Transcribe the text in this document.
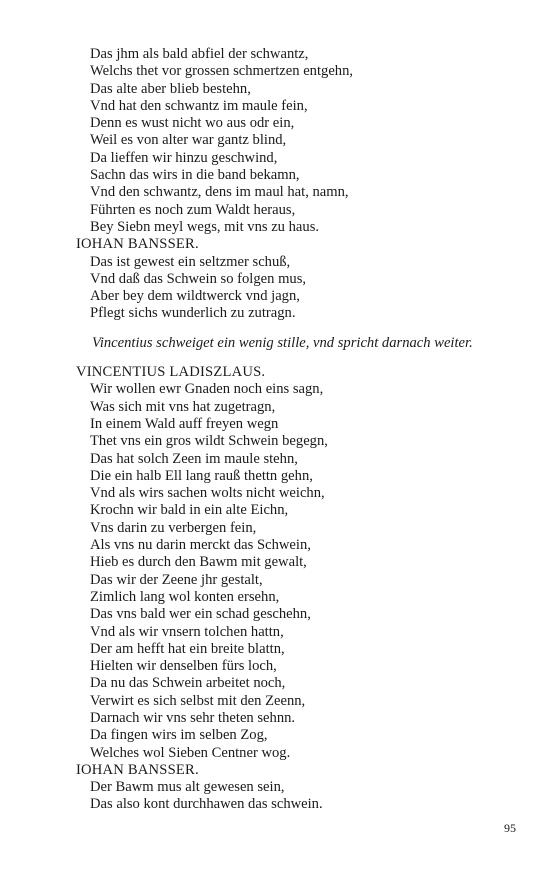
Das jhm als bald abfiel der schwantz,
Welchs thet vor grossen schmertzen entgehn,
Das alte aber blieb bestehn,
Vnd hat den schwantz im maule fein,
Denn es wust nicht wo aus odr ein,
Weil es von alter war gantz blind,
Da lieffen wir hinzu geschwind,
Sachn das wirs in die band bekamn,
Vnd den schwantz, dens im maul hat, namn,
Führten es noch zum Waldt heraus,
Bey Siebn meyl wegs, mit vns zu haus.
IOHAN BANSSER.
Das ist gewest ein seltzmer schuß,
Vnd daß das Schwein so folgen mus,
Aber bey dem wildtwerck vnd jagn,
Pflegt sichs wunderlich zu zutragn.
Vincentius schweiget ein wenig stille, vnd spricht darnach weiter.
VINCENTIUS LADISZLAUS.
Wir wollen ewr Gnaden noch eins sagn,
Was sich mit vns hat zugetragn,
In einem Wald auff freyen wegn
Thet vns ein gros wildt Schwein begegn,
Das hat solch Zeen im maule stehn,
Die ein halb Ell lang rauß thettn gehn,
Vnd als wirs sachen wolts nicht weichn,
Krochn wir bald in ein alte Eichn,
Vns darin zu verbergen fein,
Als vns nu darin merckt das Schwein,
Hieb es durch den Bawm mit gewalt,
Das wir der Zeene jhr gestalt,
Zimlich lang wol konten ersehn,
Das vns bald wer ein schad geschehn,
Vnd als wir vnsern tolchen hattn,
Der am hefft hat ein breite blattn,
Hielten wir denselben fürs loch,
Da nu das Schwein arbeitet noch,
Verwirt es sich selbst mit den Zeenn,
Darnach wir vns sehr theten sehnn.
Da fingen wirs im selben Zog,
Welches wol Sieben Centner wog.
IOHAN BANSSER.
Der Bawm mus alt gewesen sein,
Das also kont durchhawen das schwein.
95
